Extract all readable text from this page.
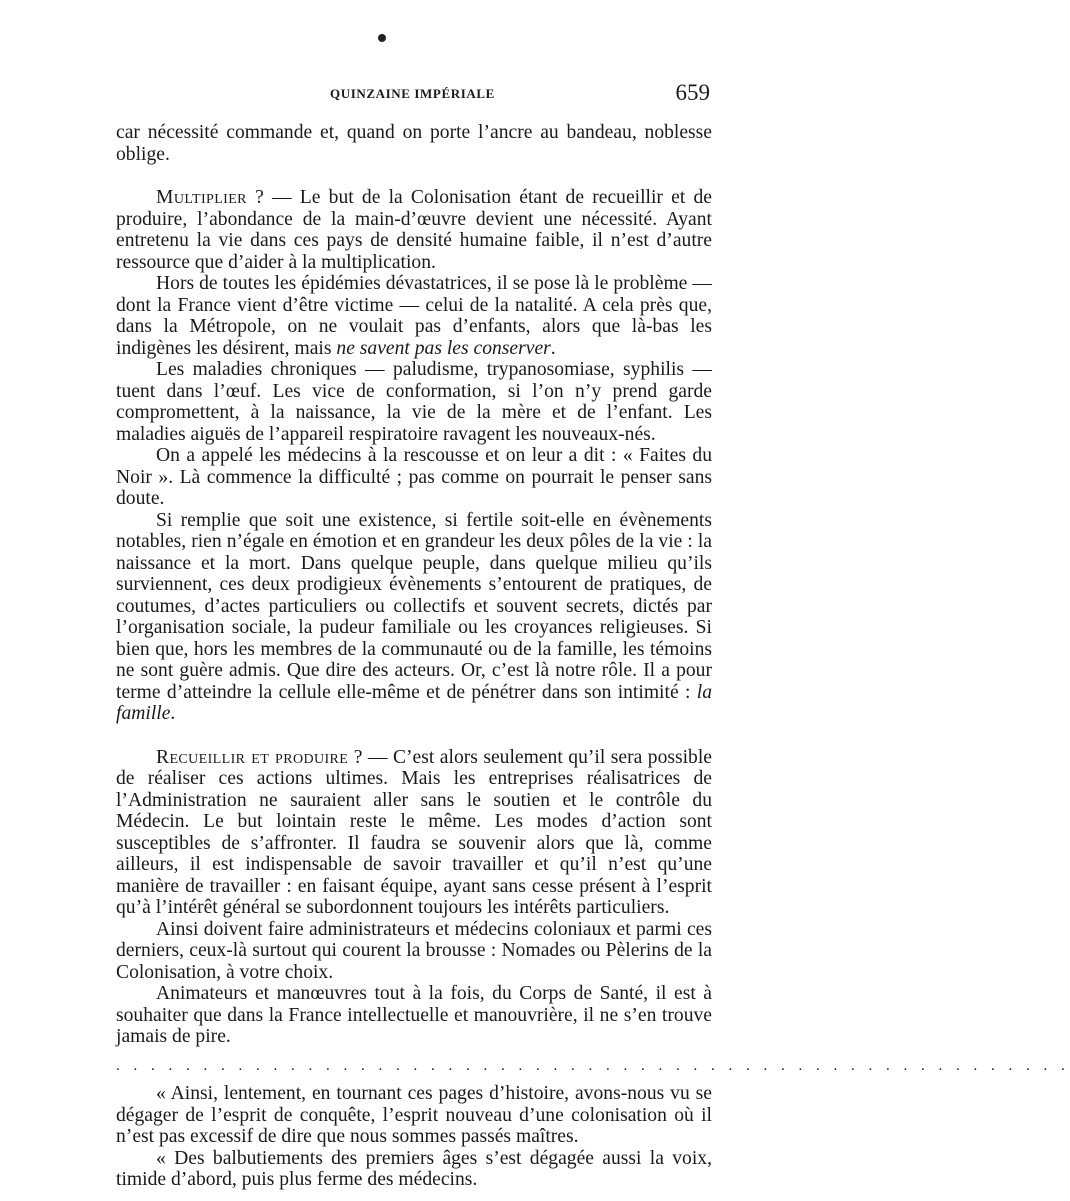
QUINZAINE IMPÉRIALE	659

car nécessité commande et, quand on porte l’ancre au bandeau, noblesse oblige.

Multiplier ? — Le but de la Colonisation étant de recueillir et de produire, l’abondance de la main-d’œuvre devient une nécessité. Ayant entretenu la vie dans ces pays de densité humaine faible, il n’est d’autre ressource que d’aider à la multiplication.

Hors de toutes les épidémies dévastatrices, il se pose là le problème — dont la France vient d’être victime — celui de la natalité. A cela près que, dans la Métropole, on ne voulait pas d’enfants, alors que là-bas les indigènes les désirent, mais ne savent pas les conserver.

Les maladies chroniques — paludisme, trypanosomiase, syphilis — tuent dans l’œuf. Les vice de conformation, si l’on n’y prend garde compromettent, à la naissance, la vie de la mère et de l’enfant. Les maladies aiguës de l’appareil respiratoire ravagent les nouveaux-nés.

On a appelé les médecins à la rescousse et on leur a dit : « Faites du Noir ». Là commence la difficulté ; pas comme on pourrait le penser sans doute.

Si remplie que soit une existence, si fertile soit-elle en évènements notables, rien n’égale en émotion et en grandeur les deux pôles de la vie : la naissance et la mort. Dans quelque peuple, dans quelque milieu qu’ils surviennent, ces deux prodigieux évènements s’entourent de pratiques, de coutumes, d’actes particuliers ou collectifs et souvent secrets, dictés par l’organisation sociale, la pudeur familiale ou les croyances religieuses. Si bien que, hors les membres de la communauté ou de la famille, les témoins ne sont guère admis. Que dire des acteurs. Or, c’est là notre rôle. Il a pour terme d’atteindre la cellule elle-même et de pénétrer dans son intimité : la famille.

Recueillir et produire ? — C’est alors seulement qu’il sera possible de réaliser ces actions ultimes. Mais les entreprises réalisatrices de l’Administration ne sauraient aller sans le soutien et le contrôle du Médecin. Le but lointain reste le même. Les modes d’action sont susceptibles de s’affronter. Il faudra se souvenir alors que là, comme ailleurs, il est indispensable de savoir travailler et qu’il n’est qu’une manière de travailler : en faisant équipe, ayant sans cesse présent à l’esprit qu’à l’intérêt général se subordonnent toujours les intérêts particuliers.

Ainsi doivent faire administrateurs et médecins coloniaux et parmi ces derniers, ceux-là surtout qui courent la brousse : Nomades ou Pèlerins de la Colonisation, à votre choix.

Animateurs et manœuvres tout à la fois, du Corps de Santé, il est à souhaiter que dans la France intellectuelle et manouvrière, il ne s’en trouve jamais de pire.

. . . . . . . . . . . . . . . . . . . . . . . . . . . . . . . . . . . . . . . . . . . . . . . . . . . . . . .

« Ainsi, lentement, en tournant ces pages d’histoire, avons-nous vu se dégager de l’esprit de conquête, l’esprit nouveau d’une colonisation où il n’est pas excessif de dire que nous sommes passés maîtres.

« Des balbutiements des premiers âges s’est dégagée aussi la voix, timide d’abord, puis plus ferme des médecins.
